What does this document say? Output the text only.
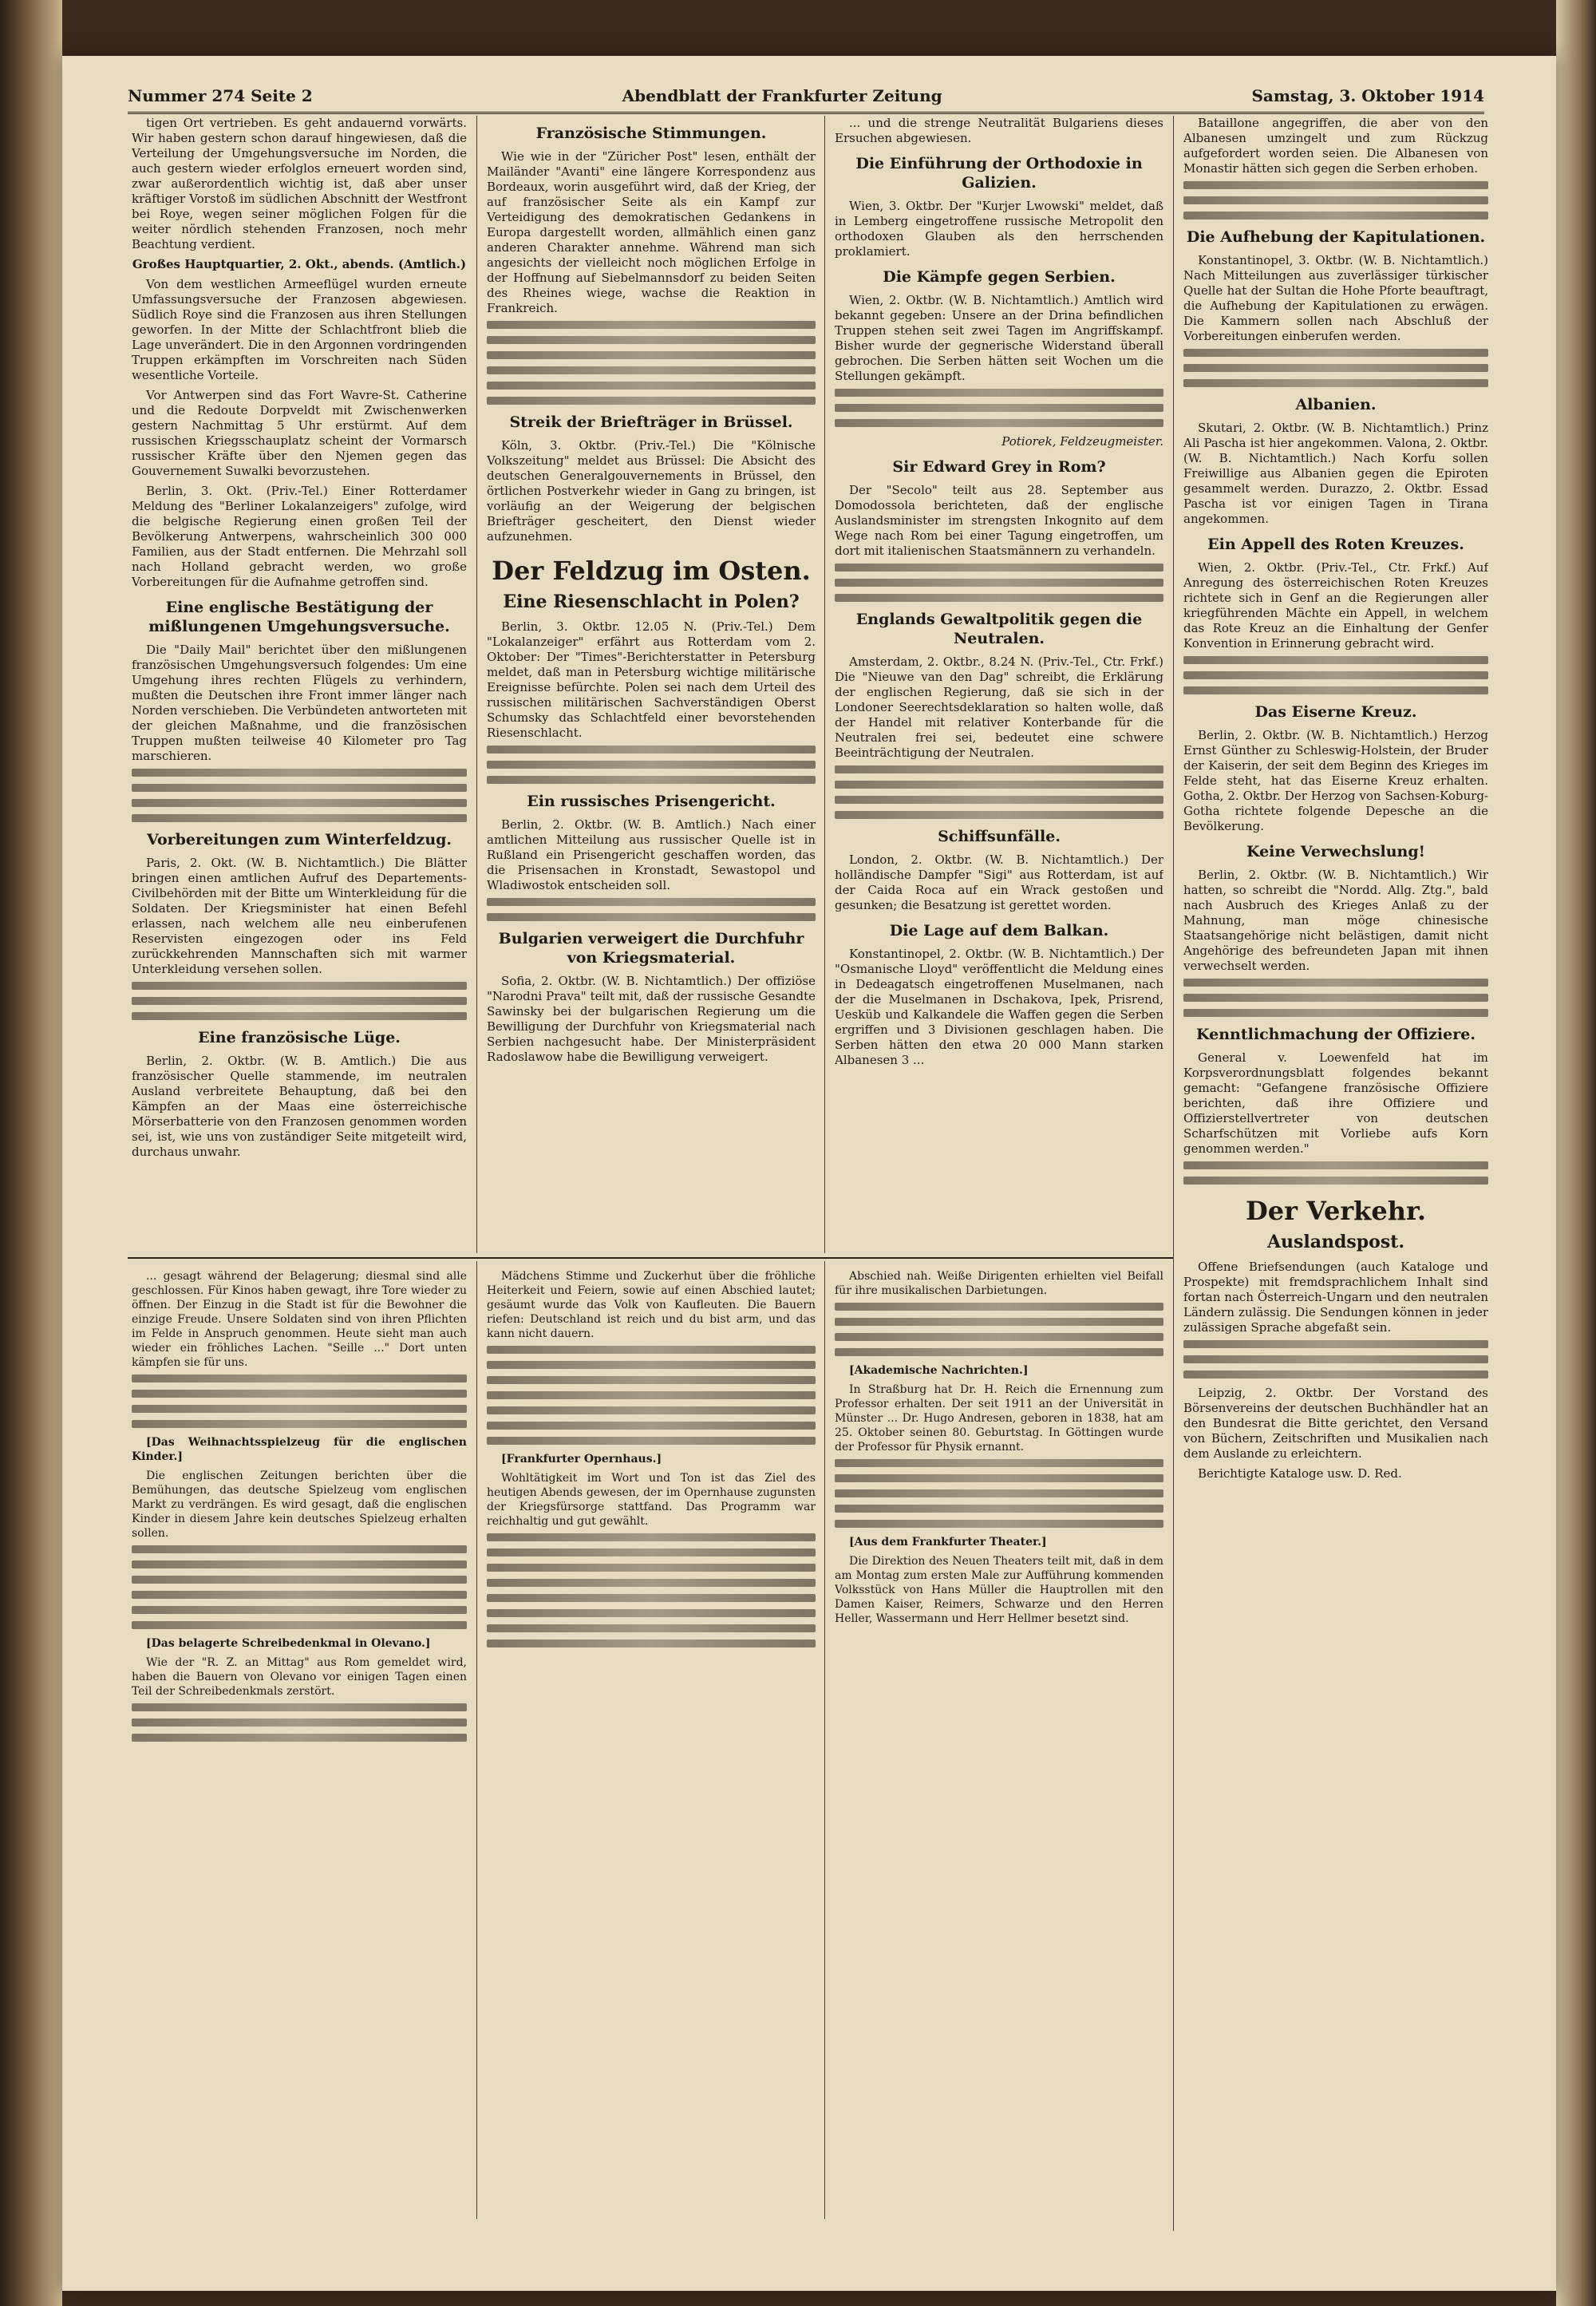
Nummer 274 Seite 2	Abendblatt der Frankfurter Zeitung	Samstag, 3. Oktober 1914

tigen Ort vertrieben. Es geht andauernd vorwärts. Wir haben gestern schon darauf hingewiesen, daß die Verteilung der Umgehungsversuche im Norden, die auch gestern wieder erfolglos erneuert worden sind, zwar außerordentlich wichtig ist, daß aber unser kräftiger Vorstoß im südlichen Abschnitt der Westfront bei Roye, wegen seiner möglichen Folgen für die weiter nördlich stehenden Franzosen, noch mehr Beachtung verdient.

Großes Hauptquartier, 2. Okt., abends. (Amtlich.)

Von dem westlichen Armeeflügel wurden erneute Umfassungsversuche der Franzosen abgewiesen. Südlich Roye sind die Franzosen aus ihren Stellungen geworfen. In der Mitte der Schlachtfront blieb die Lage unverändert. Die in den Argonnen vordringenden Truppen erkämpften im Vorschreiten nach Süden wesentliche Vorteile.

Vor Antwerpen sind das Fort Wavre-St. Catherine und die Redoute Dorpveldt mit Zwischenwerken gestern Nachmittag 5 Uhr erstürmt. Auf dem russischen Kriegsschauplatz scheint der Vormarsch russischer Kräfte über den Njemen gegen das Gouvernement Suwalki bevorzustehen.

Berlin, 3. Okt. (Priv.-Tel.) Einer Rotterdamer Meldung des "Berliner Lokalanzeigers" zufolge, wird die belgische Regierung einen großen Teil der Bevölkerung Antwerpens, wahrscheinlich 300 000 Familien, aus der Stadt entfernen. Die Mehrzahl soll nach Holland gebracht werden, wo große Vorbereitungen für die Aufnahme getroffen sind.

Eine englische Bestätigung der mißlungenen Umgehungsversuche.

Die "Daily Mail" berichtet über den mißlungenen französischen Umgehungsversuch folgendes: Um eine Umgehung ihres rechten Flügels zu verhindern, mußten die Deutschen ihre Front immer länger nach Norden verschieben. Die Verbündeten antworteten mit der gleichen Maßnahme, und die französischen Truppen mußten teilweise 40 Kilometer pro Tag marschieren.

Vorbereitungen zum Winterfeldzug.

Paris, 2. Okt. (W. B. Nichtamtlich.) Die Blätter bringen einen amtlichen Aufruf des Departements-Civilbehörden mit der Bitte um Winterkleidung für die Soldaten. Der Kriegsminister hat einen Befehl erlassen, nach welchem alle neu einberufenen Reservisten eingezogen oder ins Feld zurückkehrenden Mannschaften sich mit warmer Unterkleidung versehen sollen.

Eine französische Lüge.

Berlin, 2. Oktbr. (W. B. Amtlich.) Die aus französischer Quelle stammende, im neutralen Ausland verbreitete Behauptung, daß bei den Kämpfen an der Maas eine österreichische Mörserbatterie von den Franzosen genommen worden sei, ist, wie uns von zuständiger Seite mitgeteilt wird, durchaus unwahr.

Französische Stimmungen.

Wie wie in der "Züricher Post" lesen, enthält der Mailänder "Avanti" eine längere Korrespondenz aus Bordeaux, worin ausgeführt wird, daß der Krieg, der auf französischer Seite als ein Kampf zur Verteidigung des demokratischen Gedankens in Europa dargestellt worden, allmählich einen ganz anderen Charakter annehme. Während man sich angesichts der vielleicht noch möglichen Erfolge in der Hoffnung auf Siebelmannsdorf zu beiden Seiten des Rheines wiege, wachse die Reaktion in Frankreich.

Streik der Briefträger in Brüssel.

Köln, 3. Oktbr. (Priv.-Tel.) Die "Kölnische Volkszeitung" meldet aus Brüssel: Die Absicht des deutschen Generalgouvernements in Brüssel, den örtlichen Postverkehr wieder in Gang zu bringen, ist vorläufig an der Weigerung der belgischen Briefträger gescheitert, den Dienst wieder aufzunehmen.

Der Feldzug im Osten.
Eine Riesenschlacht in Polen?

Berlin, 3. Oktbr. 12.05 N. (Priv.-Tel.) Dem "Lokalanzeiger" erfährt aus Rotterdam vom 2. Oktober: Der "Times"-Berichterstatter in Petersburg meldet, daß man in Petersburg wichtige militärische Ereignisse befürchte. Polen sei nach dem Urteil des russischen militärischen Sachverständigen Oberst Schumsky das Schlachtfeld einer bevorstehenden Riesenschlacht.

Ein russisches Prisengericht.

Berlin, 2. Oktbr. (W. B. Amtlich.) Nach einer amtlichen Mitteilung aus russischer Quelle ist in Rußland ein Prisengericht geschaffen worden, das die Prisensachen in Kronstadt, Sewastopol und Wladiwostok entscheiden soll.

Bulgarien verweigert die Durchfuhr von Kriegsmaterial.

Sofia, 2. Oktbr. (W. B. Nichtamtlich.) Der offiziöse "Narodni Prava" teilt mit, daß der russische Gesandte Sawinsky bei der bulgarischen Regierung um die Bewilligung der Durchfuhr von Kriegsmaterial nach Serbien nachgesucht habe. Der Ministerpräsident Radoslawow habe die Bewilligung verweigert.

... und die strenge Neutralität Bulgariens dieses Ersuchen abgewiesen.

Die Einführung der Orthodoxie in Galizien.

Wien, 3. Oktbr. Der "Kurjer Lwowski" meldet, daß in Lemberg eingetroffene russische Metropolit den orthodoxen Glauben als den herrschenden proklamiert.

Die Kämpfe gegen Serbien.

Wien, 2. Oktbr. (W. B. Nichtamtlich.) Amtlich wird bekannt gegeben: Unsere an der Drina befindlichen Truppen stehen seit zwei Tagen im Angriffskampf. Bisher wurde der gegnerische Widerstand überall gebrochen. Die Serben hätten seit Wochen um die Stellungen gekämpft.

Potiorek, Feldzeugmeister.

Sir Edward Grey in Rom?

Der "Secolo" teilt aus 28. September aus Domodossola berichteten, daß der englische Auslandsminister im strengsten Inkognito auf dem Wege nach Rom bei einer Tagung eingetroffen, um dort mit italienischen Staatsmännern zu verhandeln.

Englands Gewaltpolitik gegen die Neutralen.

Amsterdam, 2. Oktbr., 8.24 N. (Priv.-Tel., Ctr. Frkf.) Die "Nieuwe van den Dag" schreibt, die Erklärung der englischen Regierung, daß sie sich in der Londoner Seerechtsdeklaration so halten wolle, daß der Handel mit relativer Konterbande für die Neutralen frei sei, bedeutet eine schwere Beeinträchtigung der Neutralen.

Schiffsunfälle.

London, 2. Oktbr. (W. B. Nichtamtlich.) Der holländische Dampfer "Sigi" aus Rotterdam, ist auf der Caida Roca auf ein Wrack gestoßen und gesunken; die Besatzung ist gerettet worden.

Die Lage auf dem Balkan.

Konstantinopel, 2. Oktbr. (W. B. Nichtamtlich.) Der "Osmanische Lloyd" veröffentlicht die Meldung eines in Dedeagatsch eingetroffenen Muselmanen, nach der die Muselmanen in Dschakova, Ipek, Prisrend, Uesküb und Kalkandele die Waffen gegen die Serben ergriffen und 3 Divisionen geschlagen haben. Die Serben hätten den etwa 20 000 Mann starken Albanesen 3 ...

Bataillone angegriffen, die aber von den Albanesen umzingelt und zum Rückzug aufgefordert worden seien. Die Albanesen von Monastir hätten sich gegen die Serben erhoben.

Die Aufhebung der Kapitulationen.

Konstantinopel, 3. Oktbr. (W. B. Nichtamtlich.) Nach Mitteilungen aus zuverlässiger türkischer Quelle hat der Sultan die Hohe Pforte beauftragt, die Aufhebung der Kapitulationen zu erwägen. Die Kammern sollen nach Abschluß der Vorbereitungen einberufen werden.

Albanien.

Skutari, 2. Oktbr. (W. B. Nichtamtlich.) Prinz Ali Pascha ist hier angekommen. Valona, 2. Oktbr. (W. B. Nichtamtlich.) Nach Korfu sollen Freiwillige aus Albanien gegen die Epiroten gesammelt werden. Durazzo, 2. Oktbr. Essad Pascha ist vor einigen Tagen in Tirana angekommen.

Ein Appell des Roten Kreuzes.

Wien, 2. Oktbr. (Priv.-Tel., Ctr. Frkf.) Auf Anregung des österreichischen Roten Kreuzes richtete sich in Genf an die Regierungen aller kriegführenden Mächte ein Appell, in welchem das Rote Kreuz an die Einhaltung der Genfer Konvention in Erinnerung gebracht wird.

Das Eiserne Kreuz.

Berlin, 2. Oktbr. (W. B. Nichtamtlich.) Herzog Ernst Günther zu Schleswig-Holstein, der Bruder der Kaiserin, der seit dem Beginn des Krieges im Felde steht, hat das Eiserne Kreuz erhalten. Gotha, 2. Oktbr. Der Herzog von Sachsen-Koburg-Gotha richtete folgende Depesche an die Bevölkerung.

Keine Verwechslung!

Berlin, 2. Oktbr. (W. B. Nichtamtlich.) Wir hatten, so schreibt die "Nordd. Allg. Ztg.", bald nach Ausbruch des Krieges Anlaß zu der Mahnung, man möge chinesische Staatsangehörige nicht belästigen, damit nicht Angehörige des befreundeten Japan mit ihnen verwechselt werden.

Kenntlichmachung der Offiziere.

General v. Loewenfeld hat im Korpsverordnungsblatt folgendes bekannt gemacht: "Gefangene französische Offiziere berichten, daß ihre Offiziere und Offizierstellvertreter von deutschen Scharfschützen mit Vorliebe aufs Korn genommen werden."

Der Verkehr.
Auslandspost.

Offene Briefsendungen (auch Kataloge und Prospekte) mit fremdsprachlichem Inhalt sind fortan nach Österreich-Ungarn und den neutralen Ländern zulässig. Die Sendungen können in jeder zulässigen Sprache abgefaßt sein.

Leipzig, 2. Oktbr. Der Vorstand des Börsenvereins der deutschen Buchhändler hat an den Bundesrat die Bitte gerichtet, den Versand von Büchern, Zeitschriften und Musikalien nach dem Auslande zu erleichtern.

Berichtigte Kataloge usw. D. Red.

... gesagt während der Belagerung; diesmal sind alle geschlossen. Für Kinos haben gewagt, ihre Tore wieder zu öffnen. Der Einzug in die Stadt ist für die Bewohner die einzige Freude. Unsere Soldaten sind von ihren Pflichten im Felde in Anspruch genommen. Heute sieht man auch wieder ein fröhliches Lachen. "Seille ..." Dort unten kämpfen sie für uns.

[Das Weihnachtsspielzeug für die englischen Kinder.]

Die englischen Zeitungen berichten über die Bemühungen, das deutsche Spielzeug vom englischen Markt zu verdrängen. Es wird gesagt, daß die englischen Kinder in diesem Jahre kein deutsches Spielzeug erhalten sollen.

[Das belagerte Schreibedenkmal in Olevano.]

Wie der "R. Z. an Mittag" aus Rom gemeldet wird, haben die Bauern von Olevano vor einigen Tagen einen Teil der Schreibedenkmals zerstört.

Mädchens Stimme und Zuckerhut über die fröhliche Heiterkeit und Feiern, sowie auf einen Abschied lautet; gesäumt wurde das Volk von Kaufleuten. Die Bauern riefen: Deutschland ist reich und du bist arm, und das kann nicht dauern.

[Frankfurter Opernhaus.]

Wohltätigkeit im Wort und Ton ist das Ziel des heutigen Abends gewesen, der im Opernhause zugunsten der Kriegsfürsorge stattfand. Das Programm war reichhaltig und gut gewählt.

Abschied nah. Weiße Dirigenten erhielten viel Beifall für ihre musikalischen Darbietungen.

[Akademische Nachrichten.]

In Straßburg hat Dr. H. Reich die Ernennung zum Professor erhalten. Der seit 1911 an der Universität in Münster ... Dr. Hugo Andresen, geboren in 1838, hat am 25. Oktober seinen 80. Geburtstag. In Göttingen wurde der Professor für Physik ernannt.

[Aus dem Frankfurter Theater.]

Die Direktion des Neuen Theaters teilt mit, daß in dem am Montag zum ersten Male zur Aufführung kommenden Volksstück von Hans Müller die Hauptrollen mit den Damen Kaiser, Reimers, Schwarze und den Herren Heller, Wassermann und Herr Hellmer besetzt sind.
